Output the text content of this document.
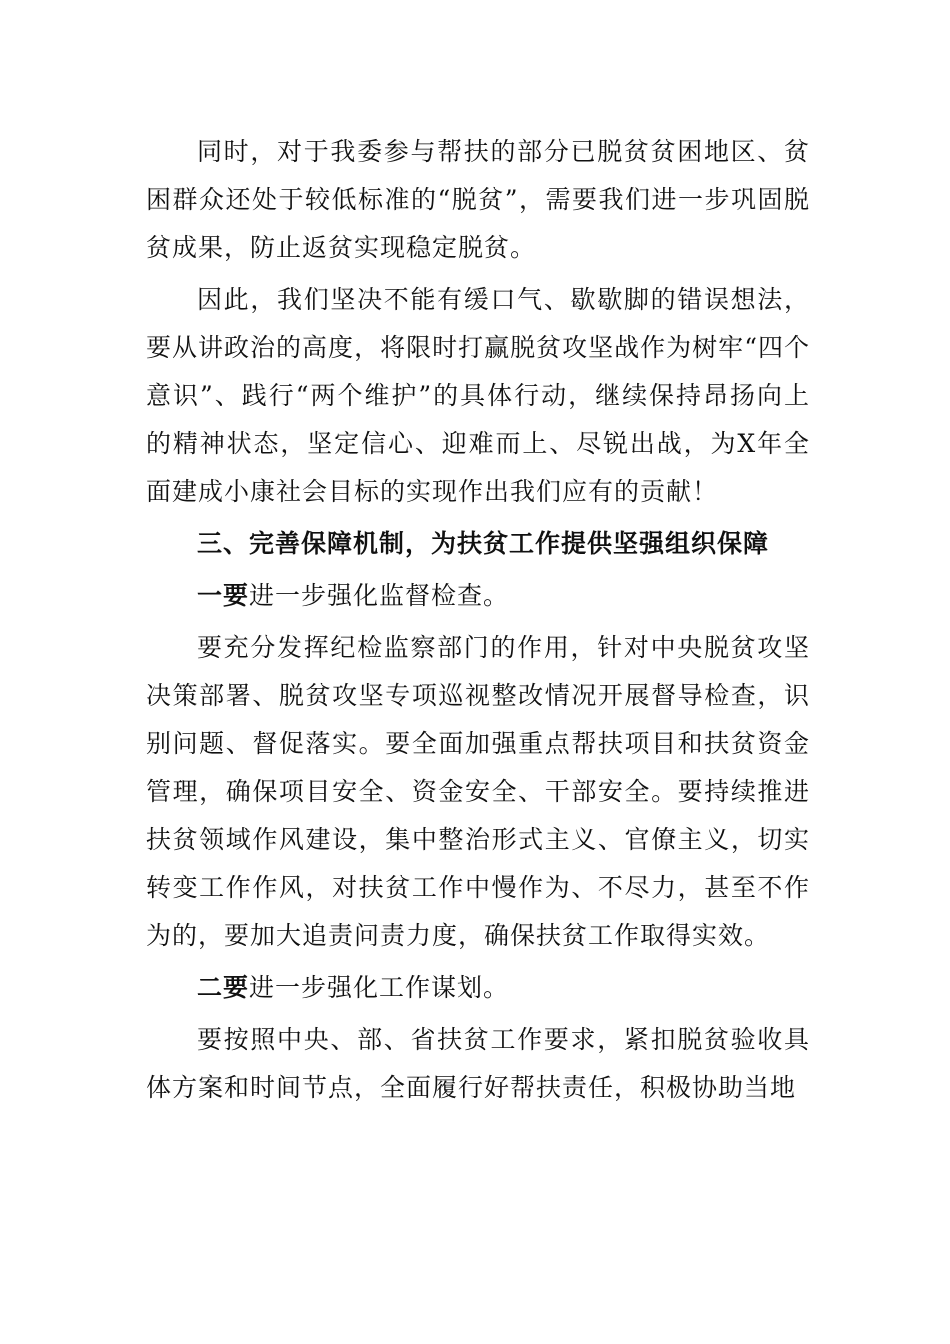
同时，对于我委参与帮扶的部分已脱贫贫困地区、贫困群众还处于较低标准的“脱贫”，需要我们进一步巩固脱贫成果，防止返贫实现稳定脱贫。

因此，我们坚决不能有缓口气、歇歇脚的错误想法，要从讲政治的高度，将限时打赢脱贫攻坚战作为树牢“四个意识”、践行“两个维护”的具体行动，继续保持昂扬向上的精神状态，坚定信心、迎难而上、尽锐出战，为X年全面建成小康社会目标的实现作出我们应有的贡献！

三、完善保障机制，为扶贫工作提供坚强组织保障

一要进一步强化监督检查。

要充分发挥纪检监察部门的作用，针对中央脱贫攻坚决策部署、脱贫攻坚专项巡视整改情况开展督导检查，识别问题、督促落实。要全面加强重点帮扶项目和扶贫资金管理，确保项目安全、资金安全、干部安全。要持续推进扶贫领域作风建设，集中整治形式主义、官僚主义，切实转变工作作风，对扶贫工作中慢作为、不尽力，甚至不作为的，要加大追责问责力度，确保扶贫工作取得实效。

二要进一步强化工作谋划。

要按照中央、部、省扶贫工作要求，紧扣脱贫验收具体方案和时间节点，全面履行好帮扶责任，积极协助当地
